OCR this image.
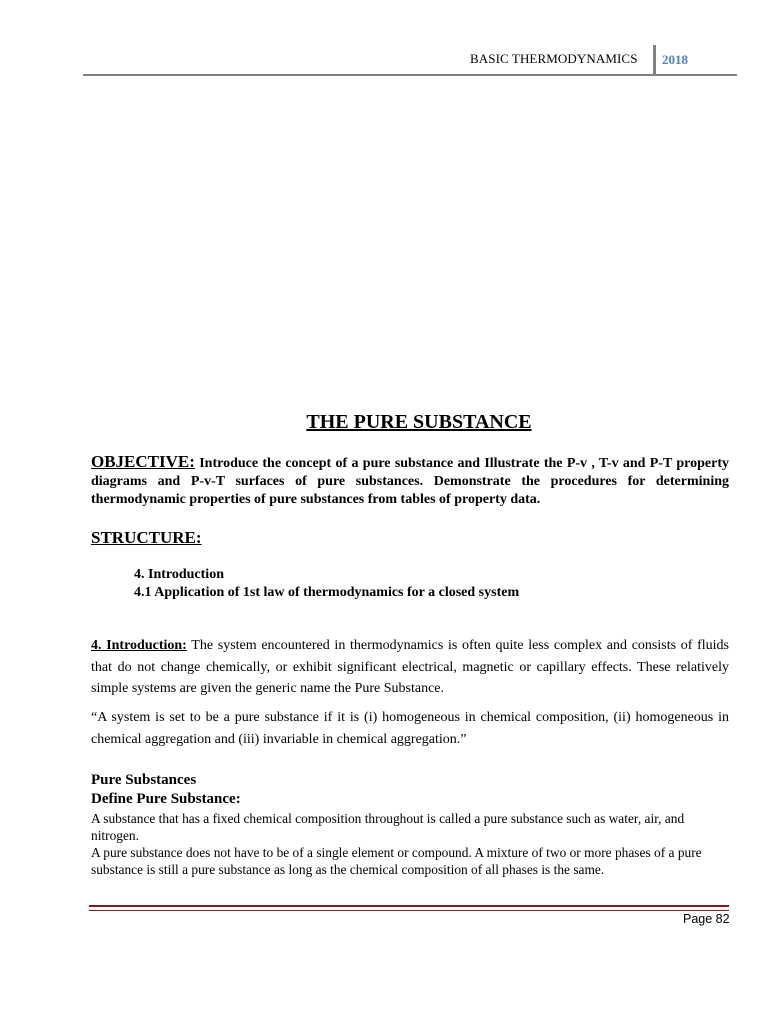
BASIC THERMODYNAMICS 2018
THE PURE SUBSTANCE
OBJECTIVE: Introduce the concept of a pure substance and Illustrate the P-v , T-v and P-T property diagrams and P-v-T surfaces of pure substances. Demonstrate the procedures for determining thermodynamic properties of pure substances from tables of property data.
STRUCTURE:
4. Introduction
4.1 Application of 1st law of thermodynamics for a closed system
4. Introduction: The system encountered in thermodynamics is often quite less complex and consists of fluids that do not change chemically, or exhibit significant electrical, magnetic or capillary effects. These relatively simple systems are given the generic name the Pure Substance.
“A system is set to be a pure substance if it is (i) homogeneous in chemical composition, (ii) homogeneous in chemical aggregation and (iii) invariable in chemical aggregation.”
Pure Substances
Define Pure Substance:
A substance that has a fixed chemical composition throughout is called a pure substance such as water, air, and nitrogen.
A pure substance does not have to be of a single element or compound. A mixture of two or more phases of a pure substance is still a pure substance as long as the chemical composition of all phases is the same.
Page 82
